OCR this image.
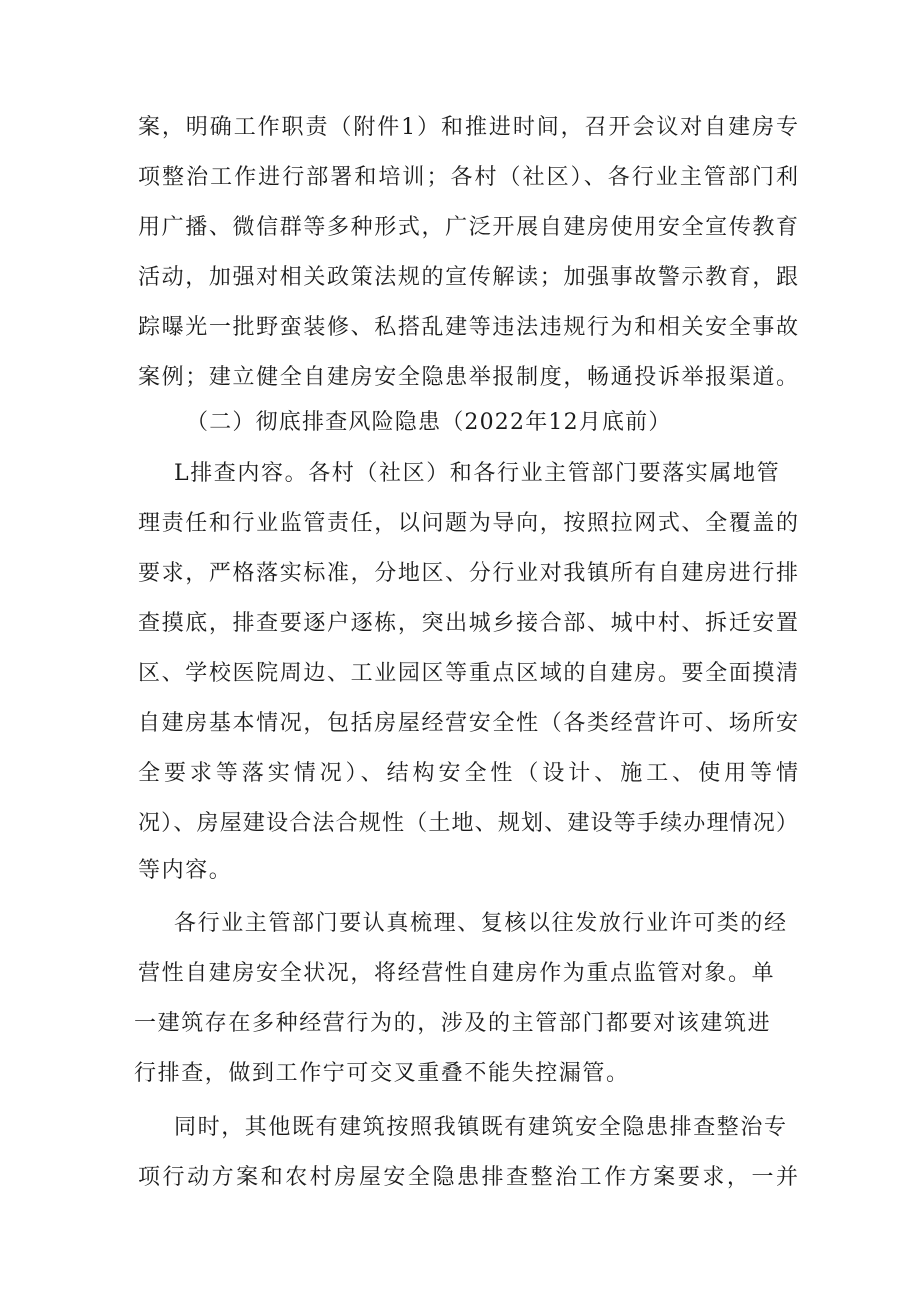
案，明确工作职责（附件1）和推进时间，召开会议对自建房专
项整治工作进行部署和培训；各村（社区）、各行业主管部门利
用广播、微信群等多种形式，广泛开展自建房使用安全宣传教育
活动，加强对相关政策法规的宣传解读；加强事故警示教育，跟
踪曝光一批野蛮装修、私搭乱建等违法违规行为和相关安全事故
案例；建立健全自建房安全隐患举报制度，畅通投诉举报渠道。
（二）彻底排查风险隐患（2022年12月底前）
L排查内容。各村（社区）和各行业主管部门要落实属地管
理责任和行业监管责任，以问题为导向，按照拉网式、全覆盖的
要求，严格落实标准，分地区、分行业对我镇所有自建房进行排
查摸底，排查要逐户逐栋，突出城乡接合部、城中村、拆迁安置
区、学校医院周边、工业园区等重点区域的自建房。要全面摸清
自建房基本情况，包括房屋经营安全性（各类经营许可、场所安
全要求等落实情况）、结构安全性（设计、施工、使用等情
况）、房屋建设合法合规性（土地、规划、建设等手续办理情况）
等内容。
各行业主管部门要认真梳理、复核以往发放行业许可类的经
营性自建房安全状况，将经营性自建房作为重点监管对象。单
一建筑存在多种经营行为的，涉及的主管部门都要对该建筑进
行排查，做到工作宁可交叉重叠不能失控漏管。
同时，其他既有建筑按照我镇既有建筑安全隐患排查整治专
项行动方案和农村房屋安全隐患排查整治工作方案要求，一并
